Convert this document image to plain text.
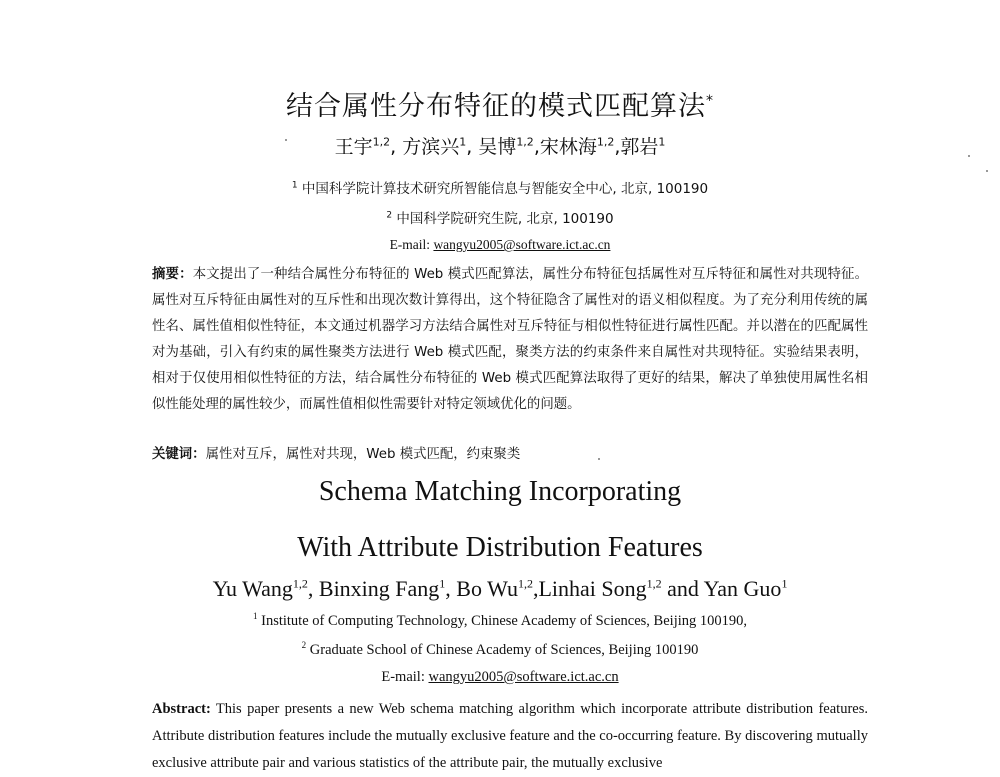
结合属性分布特征的模式匹配算法*
王宇$^{1,2}$, 方滨兴$^1$, 吴博$^{1,2}$,宋林海$^{1,2}$,郭岩$^1$
$^1$ 中国科学院计算技术研究所智能信息与智能安全中心, 北京, 100190
$^2$ 中国科学院研究生院, 北京, 100190
E-mail: wangyu2005@software.ict.ac.cn
摘要：本文提出了一种结合属性分布特征的 Web 模式匹配算法，属性分布特征包括属性对互斥特征和属性对共现特征。属性对互斥特征由属性对的互斥性和出现次数计算得出，这个特征隐含了属性对的语义相似程度。为了充分利用传统的属性名、属性值相似性特征，本文通过机器学习方法结合属性对互斥特征与相似性特征进行属性匹配。并以潜在的匹配属性对为基础，引入有约束的属性聚类方法进行 Web 模式匹配，聚类方法的约束条件来自属性对共现特征。实验结果表明，相对于仅使用相似性特征的方法，结合属性分布特征的 Web 模式匹配算法取得了更好的结果，解决了单独使用属性名相似性能处理的属性较少，而属性值相似性需要针对特定领域优化的问题。
关键词：属性对互斥，属性对共现，Web 模式匹配，约束聚类
Schema Matching Incorporating
With Attribute Distribution Features
Yu Wang$^{1,2}$, Binxing Fang$^1$, Bo Wu$^{1,2}$,Linhai Song$^{1,2}$ and Yan Guo$^1$
$^1$ Institute of Computing Technology, Chinese Academy of Sciences, Beijing 100190,
$^2$ Graduate School of Chinese Academy of Sciences, Beijing 100190
E-mail: wangyu2005@software.ict.ac.cn
Abstract: This paper presents a new Web schema matching algorithm which incorporate attribute distribution features. Attribute distribution features include the mutually exclusive feature and the co-occurring feature. By discovering mutually exclusive attribute pair and various statistics of the attribute pair, the mutually exclusive
